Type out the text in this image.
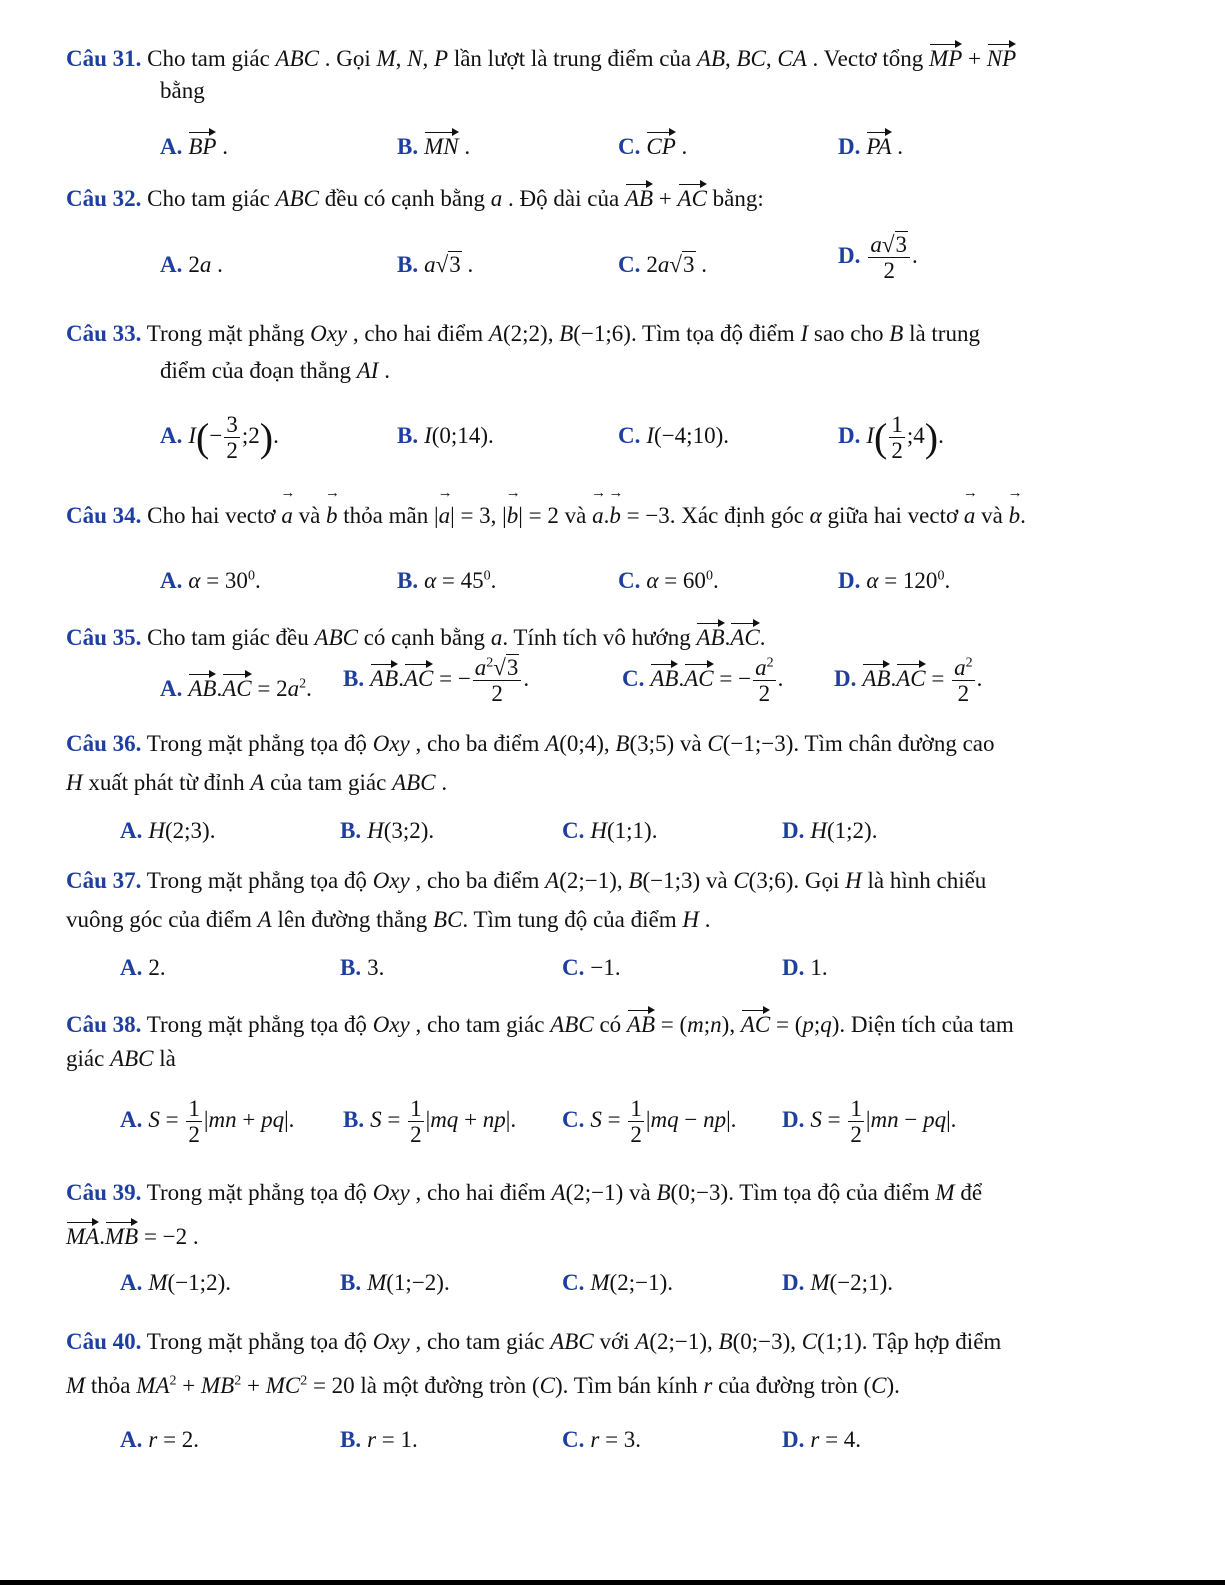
Câu 31. Cho tam giác ABC . Gọi M, N, P lần lượt là trung điểm của AB, BC, CA . Vectơ tổng MP + NP
bằng
A. BP .	B. MN .	C. CP .	D. PA .
Câu 32. Cho tam giác ABC đều có cạnh bằng a . Độ dài của AB + AC bằng:
A. 2a .	B. a√3 .	C. 2a√3 .	D. $\frac{a√3}{2}$ .
Câu 33. Trong mặt phẳng Oxy , cho hai điểm A(2;2), B(−1;6). Tìm tọa độ điểm I sao cho B là trung
điểm của đoạn thẳng AI .
A. $I(- \frac{3}{2}$ ;2).	B. I(0;14).	C. I(−4;10).	D. $I( \frac{1}{2}$ ;4).
Câu 34. Cho hai vectơ a → và b → thỏa mãn |a →| = 3, |b →| = 2 và a →.b → = −3. Xác định góc α giữa hai vectơ a → và b →.
A. $\alpha = 30^0$.	B. $\alpha = 45^0$.	C. $\alpha = 60^0$.	D. $\alpha = 120^0$.
Câu 35. Cho tam giác đều ABC có cạnh bằng a. Tính tích vô hướng AB.AC.
A. $AB.AC = 2a^2$. B. AB.AC = − $\frac{a^2√3}{2}$ .	C. AB.AC = − $\frac{a^2}{2}$ . D. $AB.AC = \frac{a^2}{2}$ .
Câu 36. Trong mặt phẳng tọa độ Oxy , cho ba điểm A(0;4), B(3;5) và C(−1;−3). Tìm chân đường cao
H xuất phát từ đỉnh A của tam giác ABC .
A. H(2;3).	B. H(3;2).	C. H(1;1).	D. H(1;2).
Câu 37. Trong mặt phẳng tọa độ Oxy , cho ba điểm A(2;−1), B(−1;3) và C(3;6). Gọi H là hình chiếu
vuông góc của điểm A lên đường thẳng BC. Tìm tung độ của điểm H .
A. 2.	B. 3.	C. −1.	D. 1.
Câu 38. Trong mặt phẳng tọa độ Oxy , cho tam giác ABC có AB = (m;n), AC = (p;q). Diện tích của tam
giác ABC là
A. $S = \frac{1}{2} |mn + pq|$. B. $S = \frac{1}{2} |mq + np|$. C. $S = \frac{1}{2} |mq - np|$. D. $S = \frac{1}{2} |mn - pq|$.
Câu 39. Trong mặt phẳng tọa độ Oxy , cho hai điểm A(2;−1) và B(0;−3). Tìm tọa độ của điểm M để
MA.MB = −2 .
A. M(−1;2).	B. M(1;−2).	C. M(2;−1).	D. M(−2;1).
Câu 40. Trong mặt phẳng tọa độ Oxy , cho tam giác ABC với A(2;−1), B(0;−3), C(1;1). Tập hợp điểm
M thỏa $MA^2 + MB^2 + MC^2 = 20$ là một đường tròn (C). Tìm bán kính r của đường tròn (C).
A. r = 2.	B. r = 1.	C. r = 3.	D. r = 4.
